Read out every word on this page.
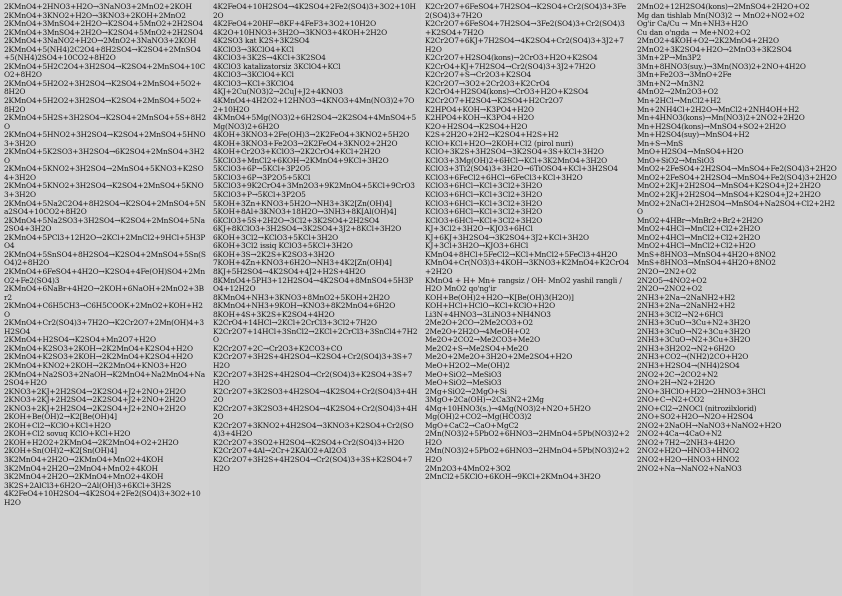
2KMnO4+2HNO3+H2O→3NaNO3+2MnO2+2KOH
2KMnO4+3KNO2+H2O→3KNO3+2KOH+2MnO2
2KMnO4+3MnSO4+2H2O→K2SO4+5MnO2+2H2SO4
2KMnO4+3MnSO4+2H2O→K2SO4+5MnO2+2H2SO4
2KMnO4+3NaNO2+H2O→2MnO2+3NaNO3+2KOH
2KMnO4+5(NH4)2C2O4+8H2SO4→K2SO4+2MnSO4+5(NH4)2SO4+10CO2+8H2O
2KMnO4+5H2C2O4+3H2SO4→K2SO4+2MnSO4+10CO2+8H2O
2KMnO4+5H2O2+3H2SO4→K2SO4+2MnSO4+5O2+8H2O
2KMnO4+5H2O2+3H2SO4→K2SO4+2MnSO4+5O2+8H2O
2KMnO4+5H2S+3H2SO4→K2SO4+2MnSO4+5S+8H2O
2KMnO4+5HNO2+3H2SO4→K2SO4+2MnSO4+5HNO3+3H2O
2KMnO4+5K2SO3+3H2SO4→6K2SO4+2MnSO4+3H2O
2KMnO4+5KNO2+3H2SO4→2MnSO4+5KNO3+K2SO4+3H2O
2KMnO4+5KNO2+3H2SO4→K2SO4+2MnSO4+5KNO3+3H2O
2KMnO4+5Na2C2O4+8H2SO4→K2SO4+2MnSO4+5Na2SO4+10CO2+8H2O
2KMnO4+5Na2SO3+3H2SO4→K2SO4+2MnSO4+5Na2SO4+3H2O
2KMnO4+5PCl3+12H2O→2KCl+2MnCl2+9HCl+5H3PO4
2KMnO4+5SnSO4+8H2SO4→K2SO4+2MnSO4+5Sn(SO4)2+8H2O
2KMnO4+6FeSO4+4H2O→K2SO4+4Fe(OH)SO4+2MnO2+Fe2(SO4)3
2KMnO4+6NaBr+4H2O→2KOH+6NaOH+2MnO2+3Br2
2KMnO4+C6H5CH3→C6H5COOK+2MnO2+KOH+H2O
2KMnO4+Cr2(SO4)3+7H2O→K2Cr2O7+2Mn(OH)4+3H2SO4
2KMnO4+H2SO4→K2SO4+Mn2O7+H2O
2KMnO4+K2SO3+2KOH→2K2MnO4+K2SO4+H2O
2KMnO4+K2SO3+2KOH→2K2MnO4+K2SO4+H2O
2KMnO4+KNO2+2KOH→2K2MnO4+KNO3+H2O
2KMnO4+Na2SO3+2NaOH→K2MnO4+Na2MnO4+Na2SO4+H2O
2KNO3+2KJ+2H2SO4→2K2SO4+J2+2NO+2H2O
2KNO3+2KJ+2H2SO4→2K2SO4+J2+2NO+2H2O
2KNO3+2KJ+2H2SO4→2K2SO4+J2+2NO+2H2O
2KOH+Be(OH)2→K2[Be(OH)4]
2KOH+Cl2→KClO+KCl+H2O
2KOH+Cl2 sovuq KClO+KCl+H2O
2KOH+H2O2+2KMnO4→2K2MnO4+O2+2H2O
2KOH+Sn(OH)2→K2[Sn(OH)4]
3K2MnO4+2H2O→2KMnO4+MnO2+4KOH
3K2MnO4+2H2O→2MnO4+MnO2+4KOH
3K2MnO4+2H2O→2KMnO4+MnO2+4KOH
3K2S+2AlCl3+6H2O→2Al(OH)3+6KCl+3H2S
4K2FeO4+10H2SO4→4K2SO4+2Fe2(SO4)3+3O2+10H2O
4K2FeO4+10H2SO4→4K2SO4+2Fe2(SO4)3+3O2+10H2O
4K2FeO4+20HF→8KF+4FeF3+3O2+10H2O
4K2O+10HNO3+3H2O→3KNO3+4KOH+2H2O
4K2SO3 kat K2S+3K2SO4
4KClO3→3KClO4+KCl
4KClO3+3K2S→4KCl+3K2SO4
4KClO3 katalizatorsiz 3KClO4+KCl
4KClO3→3KClO4+KCl
4KClO3→KCl+3KClO4
4KJ+2Cu(NO3)2→2CuJ+J2+4KNO3
4KMnO4+4H2O2+12HNO3→4KNO3+4Mn(NO3)2+7O2+10H2O
4KMnO4+5Mg(NO3)2+6H2SO4→2K2SO4+4MnSO4+5Mg(NO3)2+6H2O
4KOH+3KNO3+2Fe(OH)3→2K2FeO4+3KNO2+5H2O
4KOH+3KNO3+Fe2O3→2K2FeO4+3KNO2+2H2O
4KOH+Cr2O3+KClO3→2K2CrO4+KCl+2H2O
5KClO3+MnCl2+6KOH→2KMnO4+9KCl+3H2O
5KClO3+6P→5KCl+3P2O5
5KClO3+6P→3P2O5+5KCl
5KClO3+9K2CrO4+3Mn2O3+9K2MnO4+5KCl+9CrO3
5KClO3+P→5KCl+3P2O5
5KOH+3Zn+KNO3+5H2O→NH3+3K2[Zn(OH)4]
5KOH+8Al+3KNO3+18H2O→3NH3+8K[Al(OH)4]
6KClO3+5S+2H2O→3Cl2+3K2SO4+2H2SO4
6KJ+8KClO3+3H2SO4→3K2SO4+3J2+8KCl+3H2O
6KOH+3Cl2→KClO3+5KCl+3H2O
6KOH+3Cl2 issiq KClO3+5KCl+3H2O
6KOH+3S→2K2S+K2SO3+3H2O
7KOH+4Zn+KNO3+6H2O→NH3+4K2[Zn(OH)4]
8KJ+5H2SO4→4K2SO4+4J2+H2S+4H2O
8KMnO4+5PH3+12H2SO4→4K2SO4+8MnSO4+5H3PO4+12H2O
8KMnO4+NH3+3KNO3+8MnO2+5KOH+2H2O
8KMnO4+NH3+9KOH→KNO3+8K2MnO4+6H2O
8KOH+4S+3K2S+K2SO4+4H2O
K2CrO4+14HCl→2KCl+2CrCl3+3Cl2+7H2O
K2Cr2O7+14HCl+3SnCl2→2KCl+2CrCl3+3SnCl4+7H2O
K2Cr2O7+2C→Cr2O3+K2CO3+CO
K2Cr2O7+3H2S+4H2SO4→K2SO4+Cr2(SO4)3+3S+7H2O
K2Cr2O7+3H2S+4H2SO4→Cr2(SO4)3+K2SO4+3S+7H2O
K2Cr2O7+3K2SO3+4H2SO4→4K2SO4+Cr2(SO4)3+4H2O
K2Cr2O7+3K2SO3+4H2SO4→4K2SO4+Cr2(SO4)3+4H2O
K2Cr2O7+3KNO2+4H2SO4→3KNO3+K2SO4+Cr2(SO4)3+4H2O
K2Cr2O7+3SO2+H2SO4→K2SO4+Cr2(SO4)3+H2O
K2Cr2O7+4Al→2Cr+2KAlO2+Al2O3
K2Cr2O7+3H2S+4H2SO4→Cr2(SO4)3+3S+K2SO4+7H2O
K2Cr2O7+6FeSO4+7H2SO4→K2SO4+Cr2(SO4)3+3Fe2(SO4)3+7H2O
K2Cr2O7+6FeSO4+7H2SO4→3Fe2(SO4)3+Cr2(SO4)3+K2SO4+7H2O
K2Cr2O7+6KJ+7H2SO4→4K2SO4+Cr2(SO4)3+3J2+7H2O
K2Cr2O7+H2SO4(kons)→2CrO3+H2O+K2SO4
K2CrO4+KJ+7H2SO4→Cr2(SO4)3+3J2+7H2O
K2Cr2O7+S→Cr2O3+K2SO4
K2Cr2O7→3O2+2Cr2O3+K2CrO4
K2CrO4+H2SO4(kons)→CrO3+H2O+K2SO4
K2Cr2O7+H2SO4→K2SO4+H2Cr2O7
K2HPO4+KOH→K3PO4+H2O
K2HPO4+KOH→K3PO4+H2O
K2O+H2SO4→K2SO4+H2O
K2S+2H2O+2H2→K2SO4+H2S+H2
KClO+KCl+H2O→2KOH+Cl2 (pirol nuri)
KClO+3K2S+3H2SO4→3K2SO4+3S+KCl+3H2O
KClO3+3Mg(OH)2+6HCl→KCl+3K2MnO4+3H2O
KClO3+3Ti2(SO4)3+3H2O→6TiOSO4+KCl+3H2SO4
KClO3+6FeCl2+6HCl→6FeCl3+KCl+3H2O
KClO3+6HCl→KCl+3Cl2+3H2O
KClO3+6HCl→KCl+3Cl2+3H2O
KClO3+6HCl→KCl+3Cl2+3H2O
KClO3+6HCl→KCl+3Cl2+3H2O
KClO3+6HCl→KCl+3Cl2+3H2O
KJ+3Cl2+3H2O→KJO3+6HCl
KJ+6KJ+3H2SO4→3K2SO4+3J2+KCl+3H2O
KJ+3Cl+3H2O→KJO3+6HCl
KMnO4+8HCl+5FeCl2→KCl+MnCl2+5FeCl3+4H2O
KMnO4+Cr(NO3)3+4KOH→3KNO3+K2MnO4+K2CrO4+2H2O
KMnO4 + H+ Mn+ rangsiz / OH- MnO2 yashil rangli / H2O MnO2 qo'ng'ir
KOH+Be(OH)2+H2O→K[Be(OH)3(H2O)]
KOH+HCl+HClO→KCl+KClO+H2O
Li3N+4HNO3→3LiNO3+NH4NO3
2Me2O+2CO→2Me2CO3+O2
2Me2O+2H2O→4MeOH+O2
Me2O+2CO2→Me2CO3+Me2O
Me2O2+S→Me2SO4+Me2O
Me2O+2Me2O+3H2O+2Me2SO4+H2O
MeO+H2O2→Me(OH)2
MeO+SiO2→MeSiO3
MeO+SiO2→MeSiO3
2Mg+SiO2→2MgO+Si
3MgO+2Ca(OH)→2Ca3N2+2Mg
4Mg+10HNO3(s.)→4Mg(NO3)2+N2O+5H2O
Mg(OH)2+CO2→Mg(HCO3)2
MgO+CaC2→CaO+MgC2
2Mn(NO3)2+5PbO2+6HNO3→2HMnO4+5Pb(NO3)2+2H2O
2Mn(NO3)2+5PbO2+6HNO3→2HMnO4+5Pb(NO3)2+2H2O
2Mn2O3+4MnO2+3O2
2MnCl2+5KClO+6KOH→9KCl+2KMnO4+3H2O
2MnO2+12H2SO4(kons)→2MnSO4+2H2O+O2
Mg dan tishlab Mn(NO3)2 → MnO2+NO2+O2
Og'ir Ca/Cu → Mn+NH3+H2O
Cu dan o'ngda → Me+NO2+O2
2MnO2+4KOH+O2→2K2MnO4+2H2O
2MnO2+3K2SO4+H2O→2MnO3+3K2SO4
3Mn+2P→Mn3P2
3Mn+8HNO3(suy.)→3Mn(NO3)2+2NO+4H2O
3Mn+Fe2O3→3MnO+2Fe
3Mn+N2→Mn3N2
4MnO2→2Mn2O3+O2
Mn+2HCl→MnCl2+H2
Mn+2NH4Cl+2H2O→MnCl2+2NH4OH+H2
Mn+4HNO3(kons)→Mn(NO3)2+2NO2+2H2O
Mn+H2SO4(kons)→MnSO4+SO2+2H2O
Mn+H2SO4(suy)→MnSO4+H2
Mn+S→MnS
MnO+H2SO4→MnSO4+H2O
MnO+SiO2→MnSiO3
MnO2+2FeSO4+2H2SO4→MnSO4+Fe2(SO4)3+2H2O
MnO2+2FeSO4+2H2SO4→MnSO4+Fe2(SO4)3+2H2O
MnO2+2KJ+2H2SO4→MnSO4+K2SO4+J2+2H2O
MnO2+2KJ+2H2SO4→MnSO4+K2SO4+J2+2H2O
MnO2+2NaCl+2H2SO4→MnSO4+Na2SO4+Cl2+2H2O
MnO2+4HBr→MnBr2+Br2+2H2O
MnO2+4HCl→MnCl2+Cl2+2H2O
MnO2+4HCl→MnCl2+Cl2+2H2O
MnO2+4HCl→MnCl2+Cl2+H2O
MnS+8HNO3→MnSO4+4H2O+8NO2
MnS+8HNO3→MnSO4+4H2O+8NO2
2N2O→2N2+O2
2N2O5→4NO2+O2
2N2O→2NO2+O2
2NH3+2Na→2NaNH2+H2
2NH3+2Na→2NaNH2+H2
2NH3+3Cl2→N2+6HCl
2NH3+3CuO→3Cu+N2+3H2O
2NH3+3CuO→N2+3Cu+3H2O
2NH3+3CuO→N2+3Cu+3H2O
2NH3+3H2O2→N2+6H2O
2NH3+CO2→(NH2)2CO+H2O
2NH3+H2SO4→(NH4)2SO4
2NO2+2C→2CO2+N2
2NO+2H→N2+2H2O
2NO+3HClO+H2O→2HNO3+3HCl
2NO+C→N2+CO2
2NO+Cl2→2NOCl (nitrozilxlorid)
2NO+SO2+H2O→N2O+H2SO4
2NO2+2NaOH→NaNO3+NaNO2+H2O
2NO2+4Ca→4CaO+N2
2NO2+7H2→2NH3+4H2O
2NO2+H2O→HNO3+HNO2
2NO2+H2O→HNO3+HNO2
2NO2+Na→NaNO2+NaNO3
